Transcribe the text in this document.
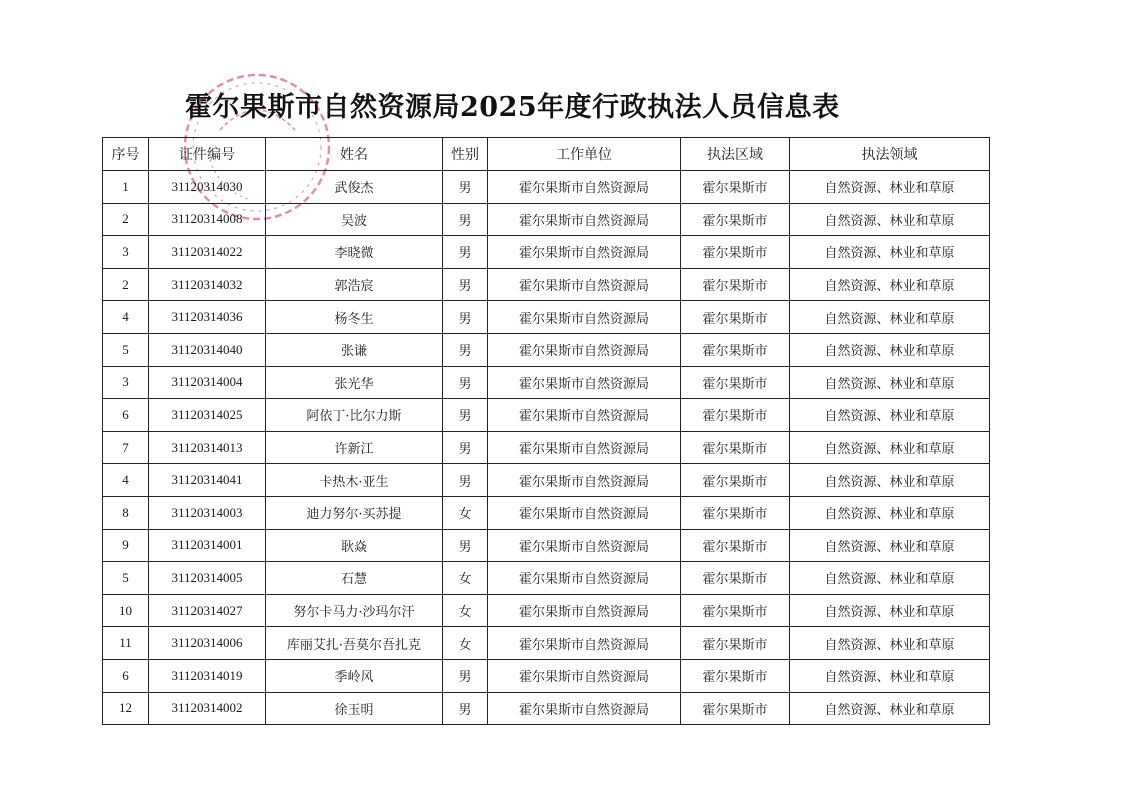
霍尔果斯市自然资源局2025年度行政执法人员信息表
序号	证件编号	姓名	性别	工作单位	执法区域	执法领域
1	31120314030	武俊杰	男	霍尔果斯市自然资源局	霍尔果斯市	自然资源、林业和草原
2	31120314008	吴波	男	霍尔果斯市自然资源局	霍尔果斯市	自然资源、林业和草原
3	31120314022	李晓微	男	霍尔果斯市自然资源局	霍尔果斯市	自然资源、林业和草原
2	31120314032	郭浩宸	男	霍尔果斯市自然资源局	霍尔果斯市	自然资源、林业和草原
4	31120314036	杨冬生	男	霍尔果斯市自然资源局	霍尔果斯市	自然资源、林业和草原
5	31120314040	张谦	男	霍尔果斯市自然资源局	霍尔果斯市	自然资源、林业和草原
3	31120314004	张光华	男	霍尔果斯市自然资源局	霍尔果斯市	自然资源、林业和草原
6	31120314025	阿依丁·比尔力斯	男	霍尔果斯市自然资源局	霍尔果斯市	自然资源、林业和草原
7	31120314013	许新江	男	霍尔果斯市自然资源局	霍尔果斯市	自然资源、林业和草原
4	31120314041	卡热木·亚生	男	霍尔果斯市自然资源局	霍尔果斯市	自然资源、林业和草原
8	31120314003	迪力努尔·买苏提	女	霍尔果斯市自然资源局	霍尔果斯市	自然资源、林业和草原
9	31120314001	耿焱	男	霍尔果斯市自然资源局	霍尔果斯市	自然资源、林业和草原
5	31120314005	石慧	女	霍尔果斯市自然资源局	霍尔果斯市	自然资源、林业和草原
10	31120314027	努尔卡马力·沙玛尔汗	女	霍尔果斯市自然资源局	霍尔果斯市	自然资源、林业和草原
11	31120314006	库丽艾扎·吾莫尔吾扎克	女	霍尔果斯市自然资源局	霍尔果斯市	自然资源、林业和草原
6	31120314019	季岭风	男	霍尔果斯市自然资源局	霍尔果斯市	自然资源、林业和草原
12	31120314002	徐玉明	男	霍尔果斯市自然资源局	霍尔果斯市	自然资源、林业和草原
